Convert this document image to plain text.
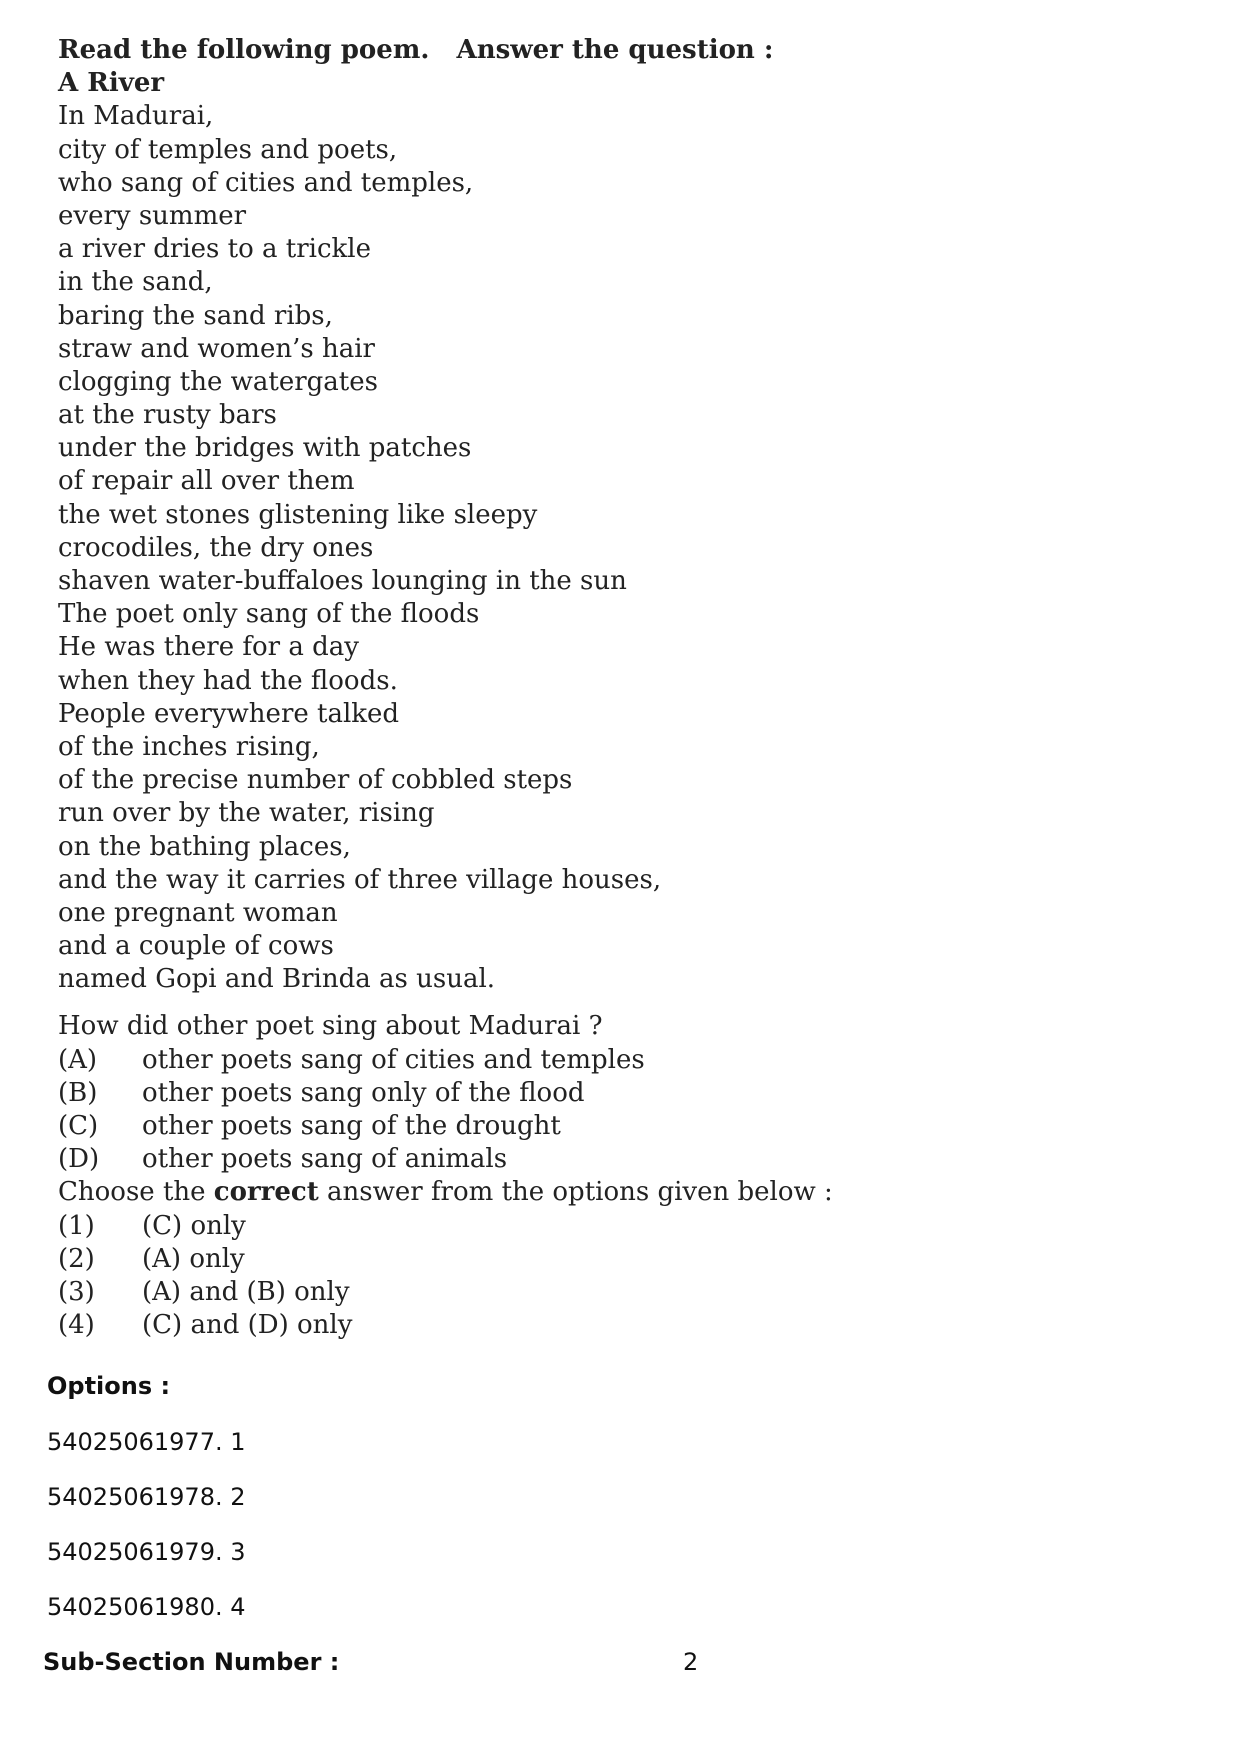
Read the following poem.   Answer the question :
A River
In Madurai,
city of temples and poets,
who sang of cities and temples,
every summer
a river dries to a trickle
in the sand,
baring the sand ribs,
straw and women’s hair
clogging the watergates
at the rusty bars
under the bridges with patches
of repair all over them
the wet stones glistening like sleepy
crocodiles, the dry ones
shaven water-buffaloes lounging in the sun
The poet only sang of the floods
He was there for a day
when they had the floods.
People everywhere talked
of the inches rising,
of the precise number of cobbled steps
run over by the water, rising
on the bathing places,
and the way it carries of three village houses,
one pregnant woman
and a couple of cows
named Gopi and Brinda as usual.
How did other poet sing about Madurai ?
(A)	other poets sang of cities and temples
(B)	other poets sang only of the flood
(C)	other poets sang of the drought
(D)	other poets sang of animals
Choose the correct answer from the options given below :
(1)	(C) only
(2)	(A) only
(3)	(A) and (B) only
(4)	(C) and (D) only
Options :
54025061977. 1
54025061978. 2
54025061979. 3
54025061980. 4
Sub-Section Number :	2
